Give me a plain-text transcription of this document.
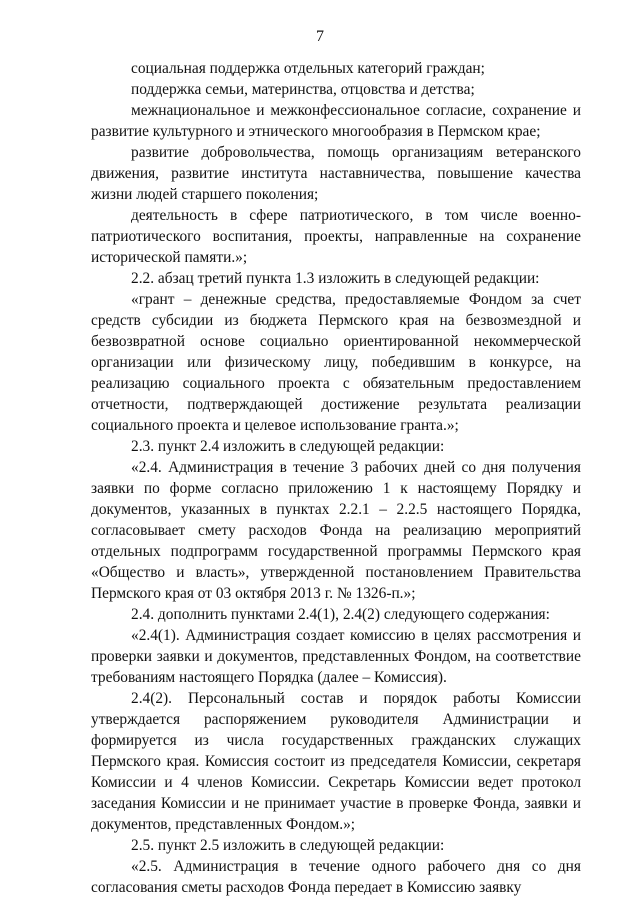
7

социальная поддержка отдельных категорий граждан;

поддержка семьи, материнства, отцовства и детства;

межнациональное и межконфессиональное согласие, сохранение и развитие культурного и этнического многообразия в Пермском крае;

развитие добровольчества, помощь организациям ветеранского движения, развитие института наставничества, повышение качества жизни людей старшего поколения;

деятельность в сфере патриотического, в том числе военно-патриотического воспитания, проекты, направленные на сохранение исторической памяти.»;

2.2. абзац третий пункта 1.3 изложить в следующей редакции:

«грант – денежные средства, предоставляемые Фондом за счет средств субсидии из бюджета Пермского края на безвозмездной и безвозвратной основе социально ориентированной некоммерческой организации или физическому лицу, победившим в конкурсе, на реализацию социального проекта с обязательным предоставлением отчетности, подтверждающей достижение результата реализации социального проекта и целевое использование гранта.»;

2.3. пункт 2.4 изложить в следующей редакции:

«2.4. Администрация в течение 3 рабочих дней со дня получения заявки по форме согласно приложению 1 к настоящему Порядку и документов, указанных в пунктах 2.2.1 – 2.2.5 настоящего Порядка, согласовывает смету расходов Фонда на реализацию мероприятий отдельных подпрограмм государственной программы Пермского края «Общество и власть», утвержденной постановлением Правительства Пермского края от 03 октября 2013 г. № 1326-п.»;

2.4. дополнить пунктами 2.4(1), 2.4(2) следующего содержания:

«2.4(1). Администрация создает комиссию в целях рассмотрения и проверки заявки и документов, представленных Фондом, на соответствие требованиям настоящего Порядка (далее – Комиссия).

2.4(2). Персональный состав и порядок работы Комиссии утверждается распоряжением руководителя Администрации и формируется из числа государственных гражданских служащих Пермского края. Комиссия состоит из председателя Комиссии, секретаря Комиссии и 4 членов Комиссии. Секретарь Комиссии ведет протокол заседания Комиссии и не принимает участие в проверке Фонда, заявки и документов, представленных Фондом.»;

2.5. пункт 2.5 изложить в следующей редакции:

«2.5. Администрация в течение одного рабочего дня со дня согласования сметы расходов Фонда передает в Комиссию заявку
